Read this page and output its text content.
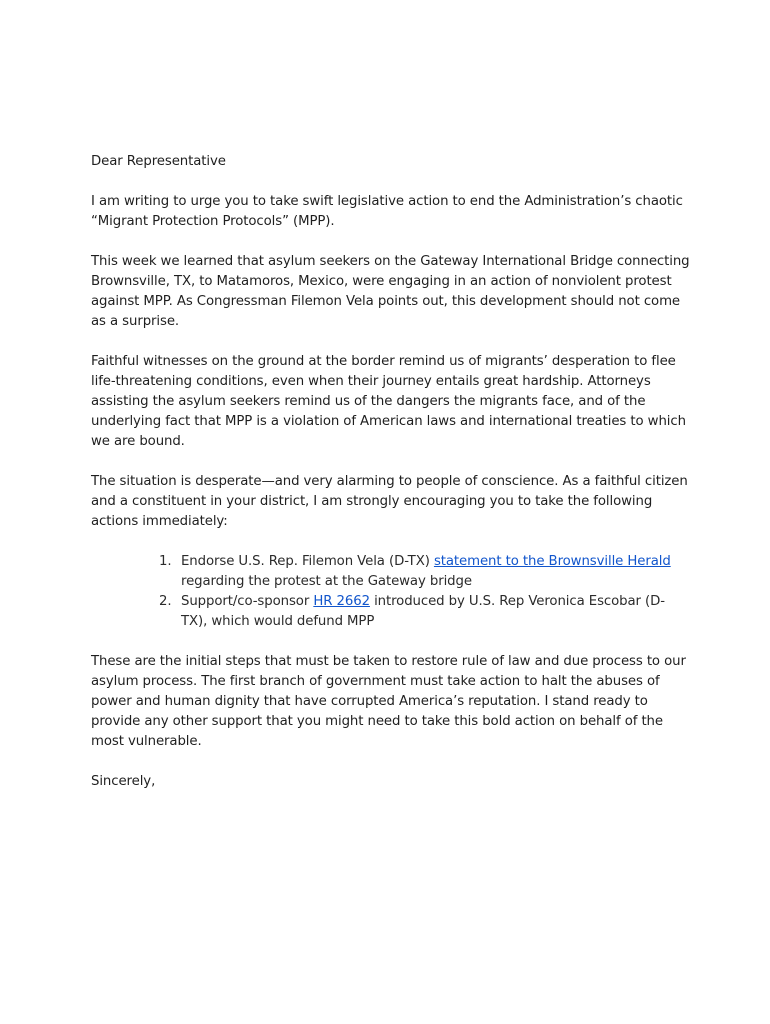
Dear Representative

I am writing to urge you to take swift legislative action to end the Administration’s chaotic “Migrant Protection Protocols” (MPP).

This week we learned that asylum seekers on the Gateway International Bridge connecting Brownsville, TX, to Matamoros, Mexico, were engaging in an action of nonviolent protest against MPP. As Congressman Filemon Vela points out, this development should not come as a surprise.

Faithful witnesses on the ground at the border remind us of migrants’ desperation to flee life-threatening conditions, even when their journey entails great hardship. Attorneys assisting the asylum seekers remind us of the dangers the migrants face, and of the underlying fact that MPP is a violation of American laws and international treaties to which we are bound.

The situation is desperate—and very alarming to people of conscience. As a faithful citizen and a constituent in your district, I am strongly encouraging you to take the following actions immediately:

1. Endorse U.S. Rep. Filemon Vela (D-TX) statement to the Brownsville Herald regarding the protest at the Gateway bridge
2. Support/co-sponsor HR 2662 introduced by U.S. Rep Veronica Escobar (D-TX), which would defund MPP

These are the initial steps that must be taken to restore rule of law and due process to our asylum process. The first branch of government must take action to halt the abuses of power and human dignity that have corrupted America’s reputation. I stand ready to provide any other support that you might need to take this bold action on behalf of the most vulnerable.

Sincerely,
